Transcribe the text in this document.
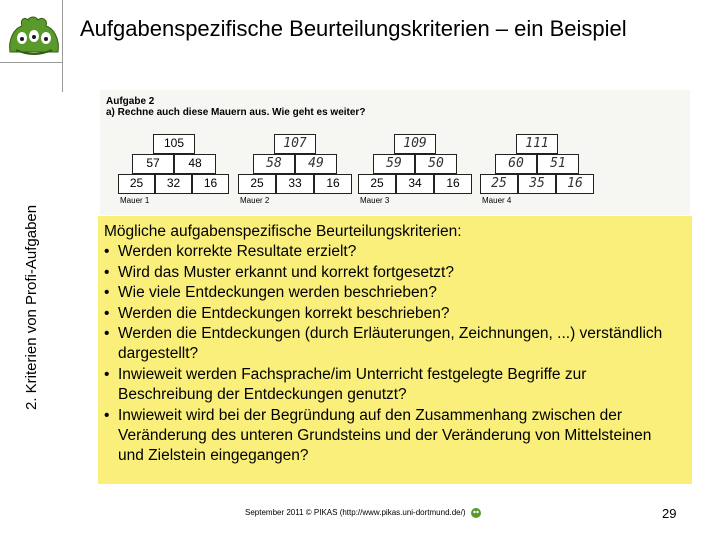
Aufgabenspezifische Beurteilungskriterien – ein Beispiel
2. Kriterien von Profi-Aufgaben
Aufgabe 2
a) Rechne auch diese Mauern aus. Wie geht es weiter?
105
57	48
25	32	16
Mauer 1
107
58	49
25	33	16
Mauer 2
109
59	50
25	34	16
Mauer 3
111
60	51
25	35	16
Mauer 4
Mögliche aufgabenspezifische Beurteilungskriterien:
• Werden korrekte Resultate erzielt?
• Wird das Muster erkannt und korrekt fortgesetzt?
• Wie viele Entdeckungen werden beschrieben?
• Werden die Entdeckungen korrekt beschrieben?
• Werden die Entdeckungen (durch Erläuterungen, Zeichnungen, ...) verständlich dargestellt?
• Inwieweit werden Fachsprache/im Unterricht festgelegte Begriffe zur Beschreibung der Entdeckungen genutzt?
• Inwieweit wird bei der Begründung auf den Zusammenhang zwischen der Veränderung des unteren Grundsteins und der Veränderung von Mittelsteinen und Zielstein eingegangen?
September 2011 © PIKAS (http://www.pikas.uni-dortmund.de/)	29
